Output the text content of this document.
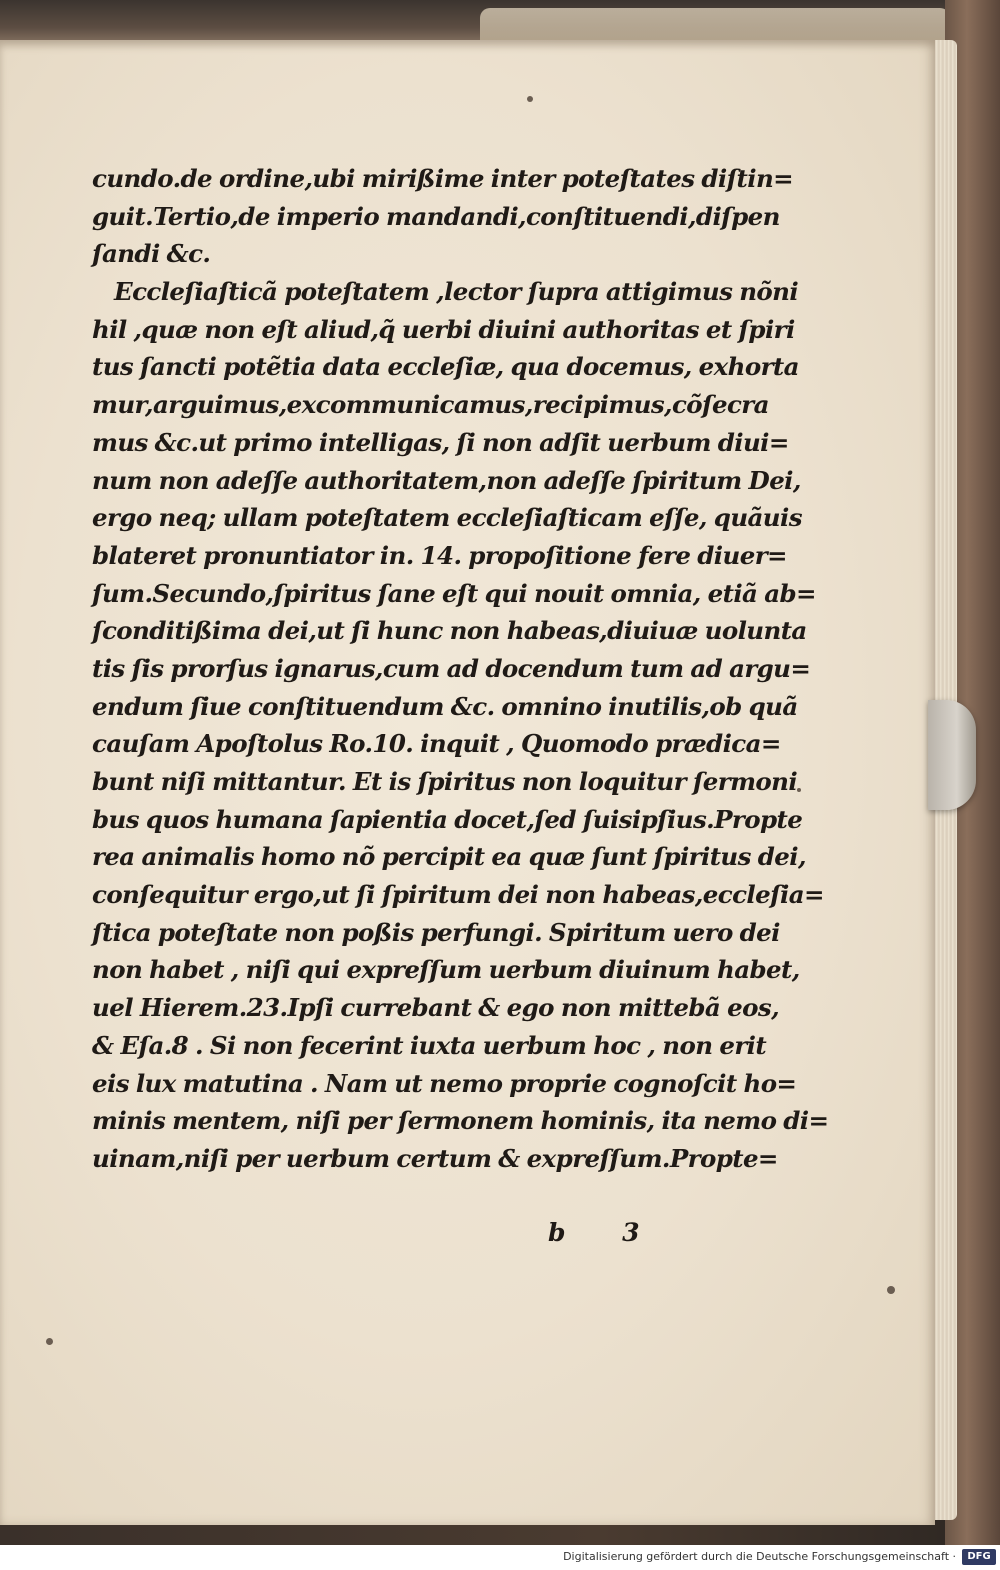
cundo.de ordine,ubi mirißime inter poteſtates diſtin=
guit.Tertio,de imperio mandandi,conſtituendi,diſpen
ſandi &c.
Eccleſiaſticã poteſtatem ,lector ſupra attigimus nõni
hil ,quæ non eſt aliud,q̃ uerbi diuini authoritas et ſpiri
tus ſancti potẽtia data eccleſiæ, qua docemus, exhorta
mur,arguimus,excommunicamus,recipimus,cõſecra
mus &c.ut primo intelligas, ſi non adſit uerbum diui=
num non adeſſe authoritatem,non adeſſe ſpiritum Dei,
ergo neq; ullam poteſtatem eccleſiaſticam eſſe, quãuis
blateret pronuntiator in. 14. propoſitione fere diuer=
ſum.Secundo,ſpiritus ſane eſt qui nouit omnia, etiã ab=
ſconditißima dei,ut ſi hunc non habeas,diuiuæ uolunta
tis ſis prorſus ignarus,cum ad docendum tum ad argu=
endum ſiue conſtituendum &c. omnino inutilis,ob quã
cauſam Apoſtolus Ro.10. inquit , Quomodo prædica=
bunt niſi mittantur. Et is ſpiritus non loquitur ſermoni
bus quos humana ſapientia docet,ſed ſuisipſius.Propte
rea animalis homo nõ percipit ea quæ ſunt ſpiritus dei,
conſequitur ergo,ut ſi ſpiritum dei non habeas,eccleſia=
ſtica poteſtate non poßis perfungi. Spiritum uero dei
non habet , niſi qui expreſſum uerbum diuinum habet,
uel Hierem.23.Ipſi currebant & ego non mittebã eos,
& Eſa.8 . Si non fecerint iuxta uerbum hoc , non erit
eis lux matutina . Nam ut nemo proprie cognoſcit ho=
minis mentem, niſi per ſermonem hominis, ita nemo di=
uinam,niſi per uerbum certum & expreſſum.Propte=
b 3
Digitalisierung gefördert durch die Deutsche Forschungsgemeinschaft ·	DFG
